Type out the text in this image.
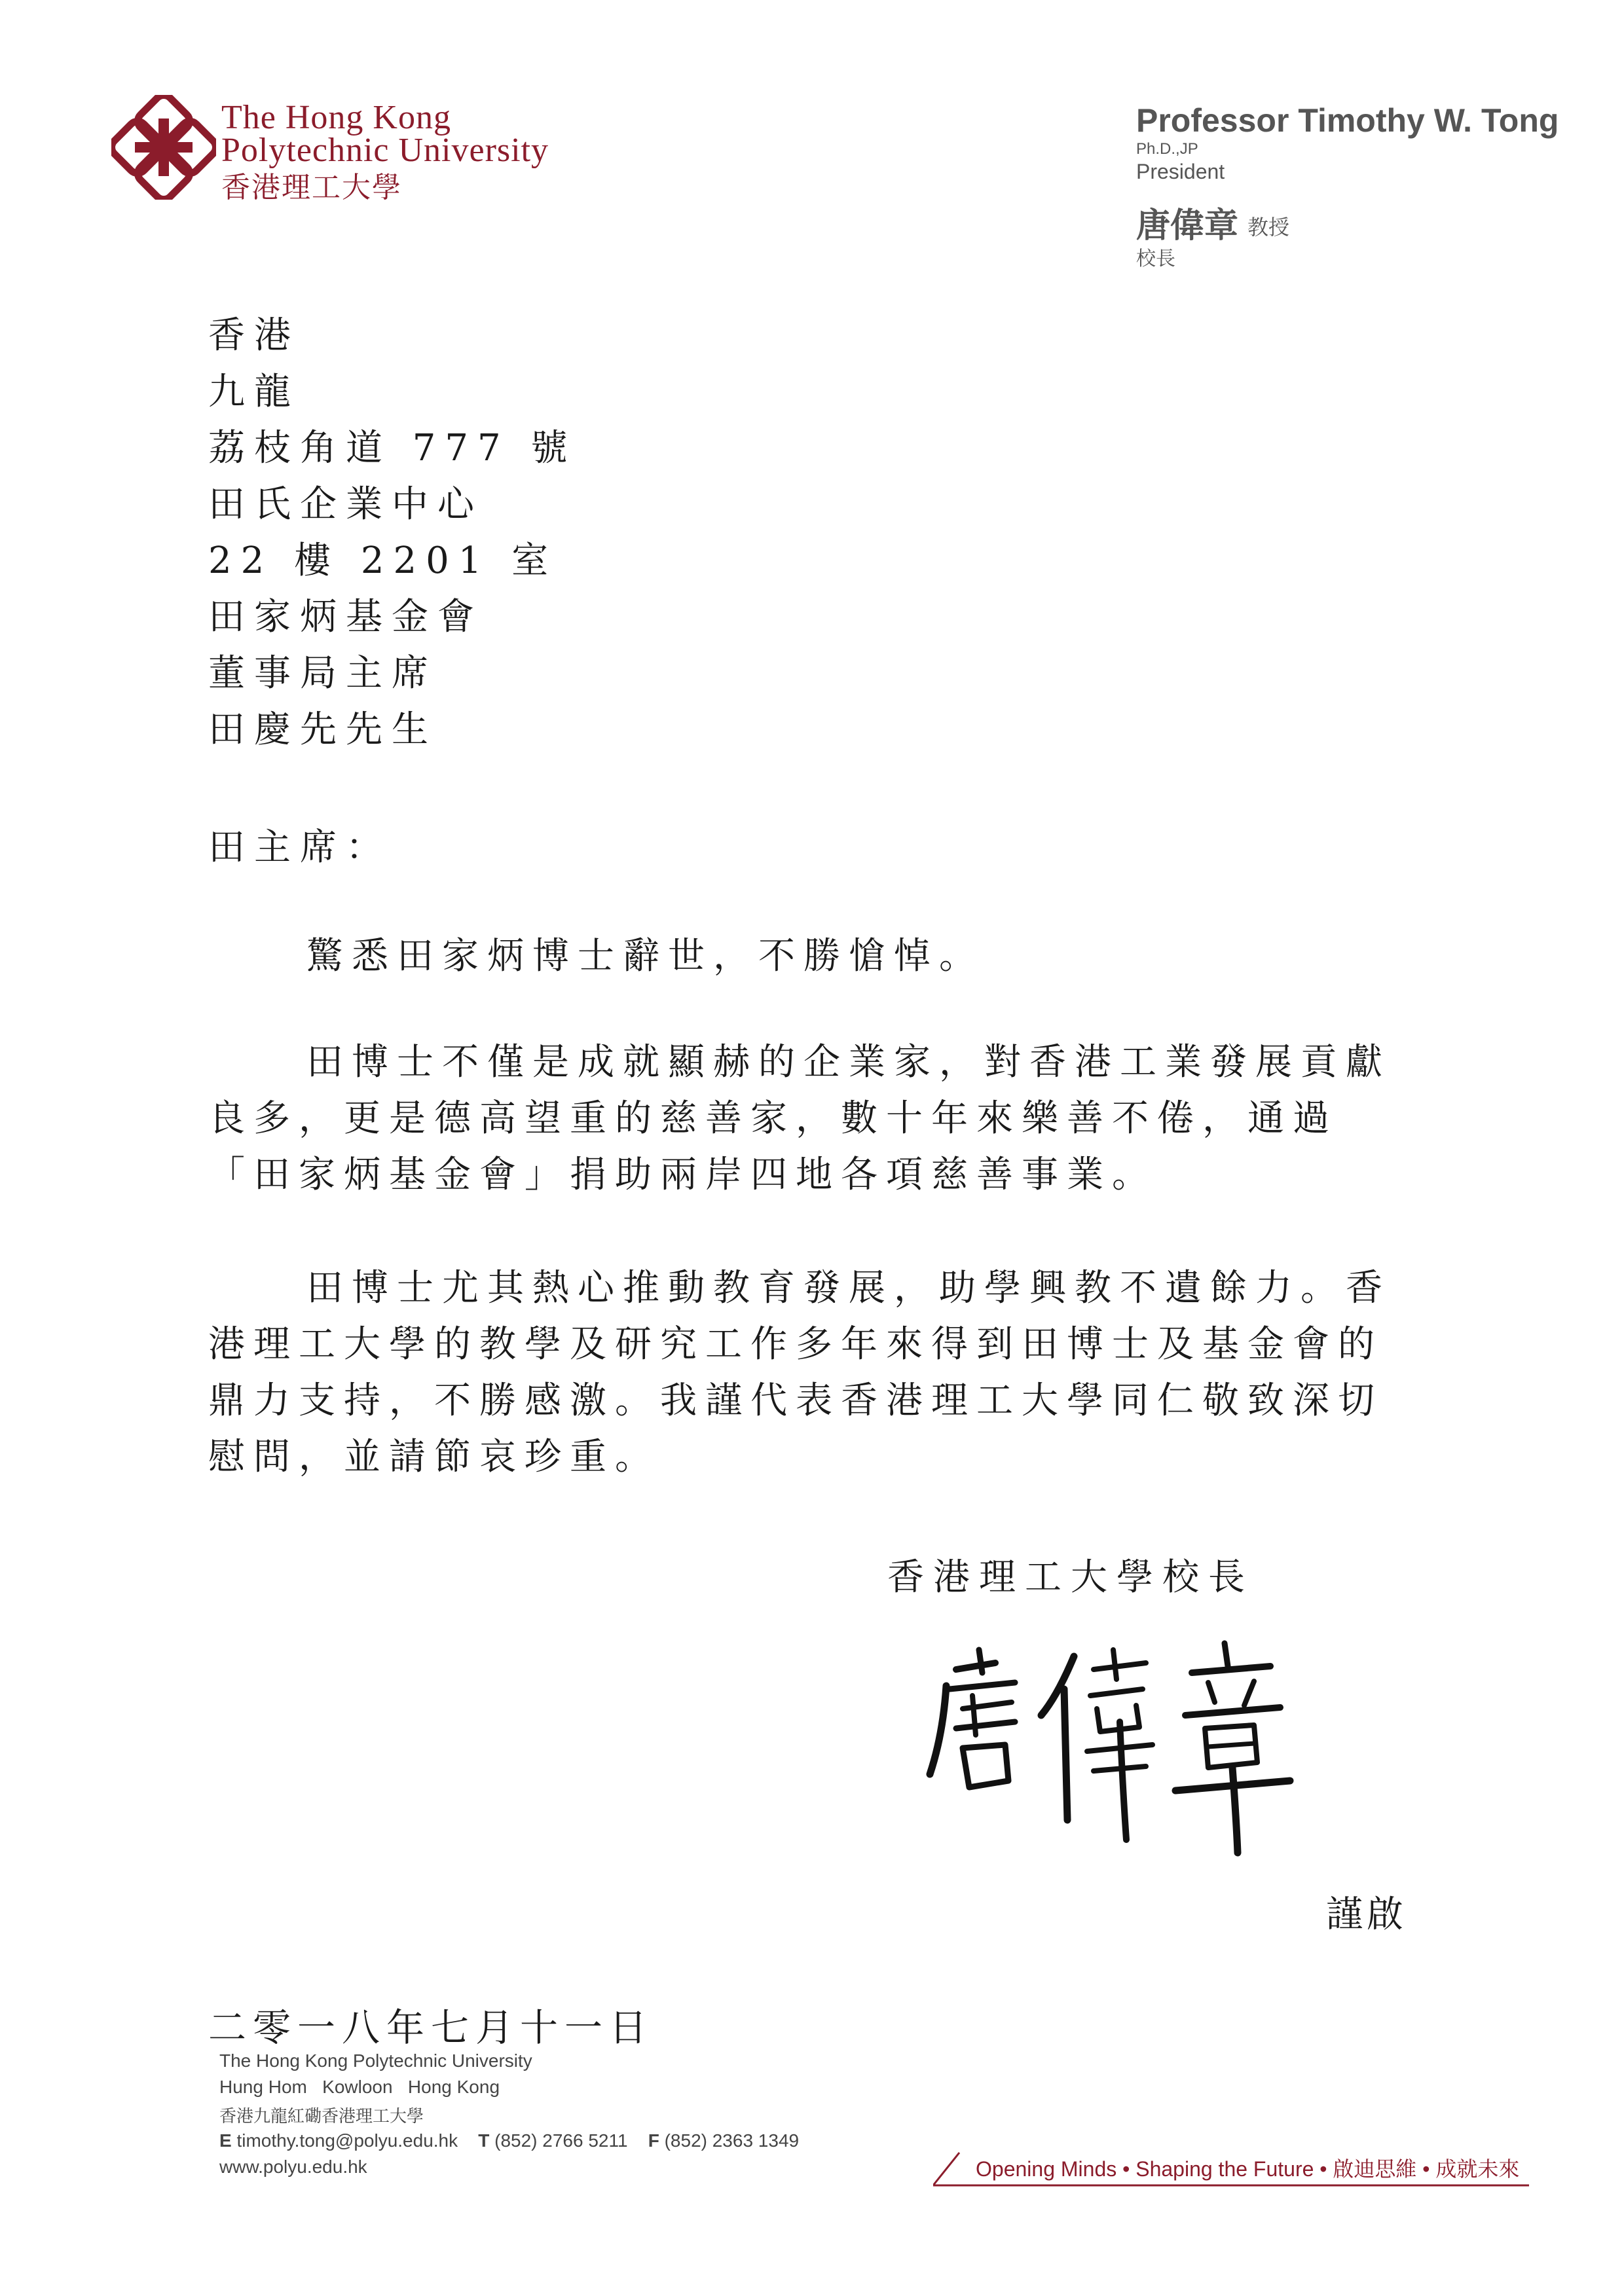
The Hong Kong
Polytechnic University
香港理工大學
Professor Timothy W. Tong
Ph.D.,JP
President
唐偉章 教授
校長
香港
九龍
荔枝角道 777 號
田氏企業中心
22 樓 2201 室
田家炳基金會
董事局主席
田慶先先生
田主席：
驚悉田家炳博士辭世，不勝愴悼。
田博士不僅是成就顯赫的企業家，對香港工業發展貢獻良多，更是德高望重的慈善家，數十年來樂善不倦，通過「田家炳基金會」捐助兩岸四地各項慈善事業。
田博士尤其熱心推動教育發展，助學興教不遺餘力。香港理工大學的教學及研究工作多年來得到田博士及基金會的鼎力支持，不勝感激。我謹代表香港理工大學同仁敬致深切慰問，並請節哀珍重。
香港理工大學校長
謹啟
二零一八年七月十一日
The Hong Kong Polytechnic University
Hung Hom   Kowloon   Hong Kong
香港九龍紅磡香港理工大學
E timothy.tong@polyu.edu.hk T (852) 2766 5211 F (852) 2363 1349
www.polyu.edu.hk	Opening Minds • Shaping the Future • 啟迪思維 • 成就未來
